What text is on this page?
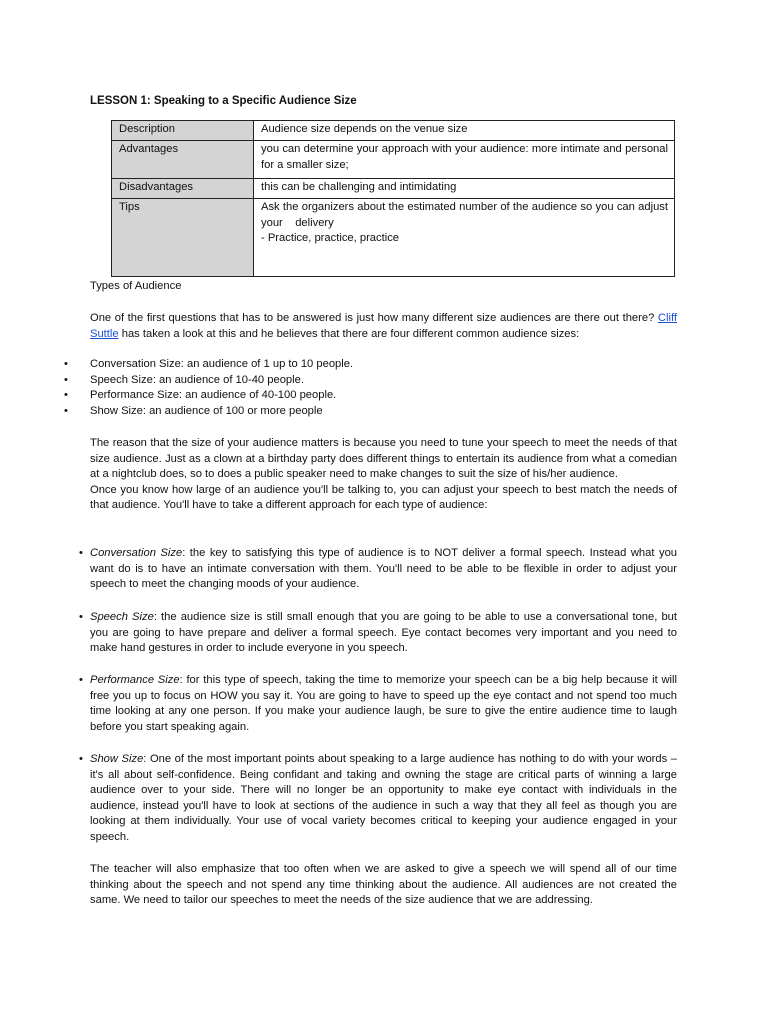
LESSON 1: Speaking to a Specific Audience Size
Description	Audience size depends on the venue size
Advantages	you can determine your approach with your audience: more intimate and personal for a smaller size;
Disadvantages	this can be challenging and intimidating
Tips	Ask the organizers about the estimated number of the audience so you can adjust your    delivery
- Practice, practice, practice
Types of Audience
One of the first questions that has to be answered is just how many different size audiences are there out there? Cliff Suttle has taken a look at this and he believes that there are four different common audience sizes:
• Conversation Size: an audience of 1 up to 10 people.
• Speech Size: an audience of 10-40 people.
• Performance Size: an audience of 40-100 people.
• Show Size: an audience of 100 or more people

The reason that the size of your audience matters is because you need to tune your speech to meet the needs of that size audience. Just as a clown at a birthday party does different things to entertain its audience from what a comedian at a nightclub does, so to does a public speaker need to make changes to suit the size of his/her audience.

Once you know how large of an audience you'll be talking to, you can adjust your speech to best match the needs of that audience. You'll have to take a different approach for each type of audience:

• Conversation Size: the key to satisfying this type of audience is to NOT deliver a formal speech. Instead what you want do is to have an intimate conversation with them. You'll need to be able to be flexible in order to adjust your speech to meet the changing moods of your audience.
• Speech Size: the audience size is still small enough that you are going to be able to use a conversational tone, but you are going to have prepare and deliver a formal speech. Eye contact becomes very important and you need to make hand gestures in order to include everyone in you speech.
• Performance Size: for this type of speech, taking the time to memorize your speech can be a big help because it will free you up to focus on HOW you say it. You are going to have to speed up the eye contact and not spend too much time looking at any one person. If you make your audience laugh, be sure to give the entire audience time to laugh before you start speaking again.
• Show Size: One of the most important points about speaking to a large audience has nothing to do with your words – it's all about self-confidence. Being confidant and taking and owning the stage are critical parts of winning a large audience over to your side. There will no longer be an opportunity to make eye contact with individuals in the audience, instead you'll have to look at sections of the audience in such a way that they all feel as though you are looking at them individually. Your use of vocal variety becomes critical to keeping your audience engaged in your speech.
The teacher will also emphasize that too often when we are asked to give a speech we will spend all of our time thinking about the speech and not spend any time thinking about the audience. All audiences are not created the same. We need to tailor our speeches to meet the needs of the size audience that we are addressing.
